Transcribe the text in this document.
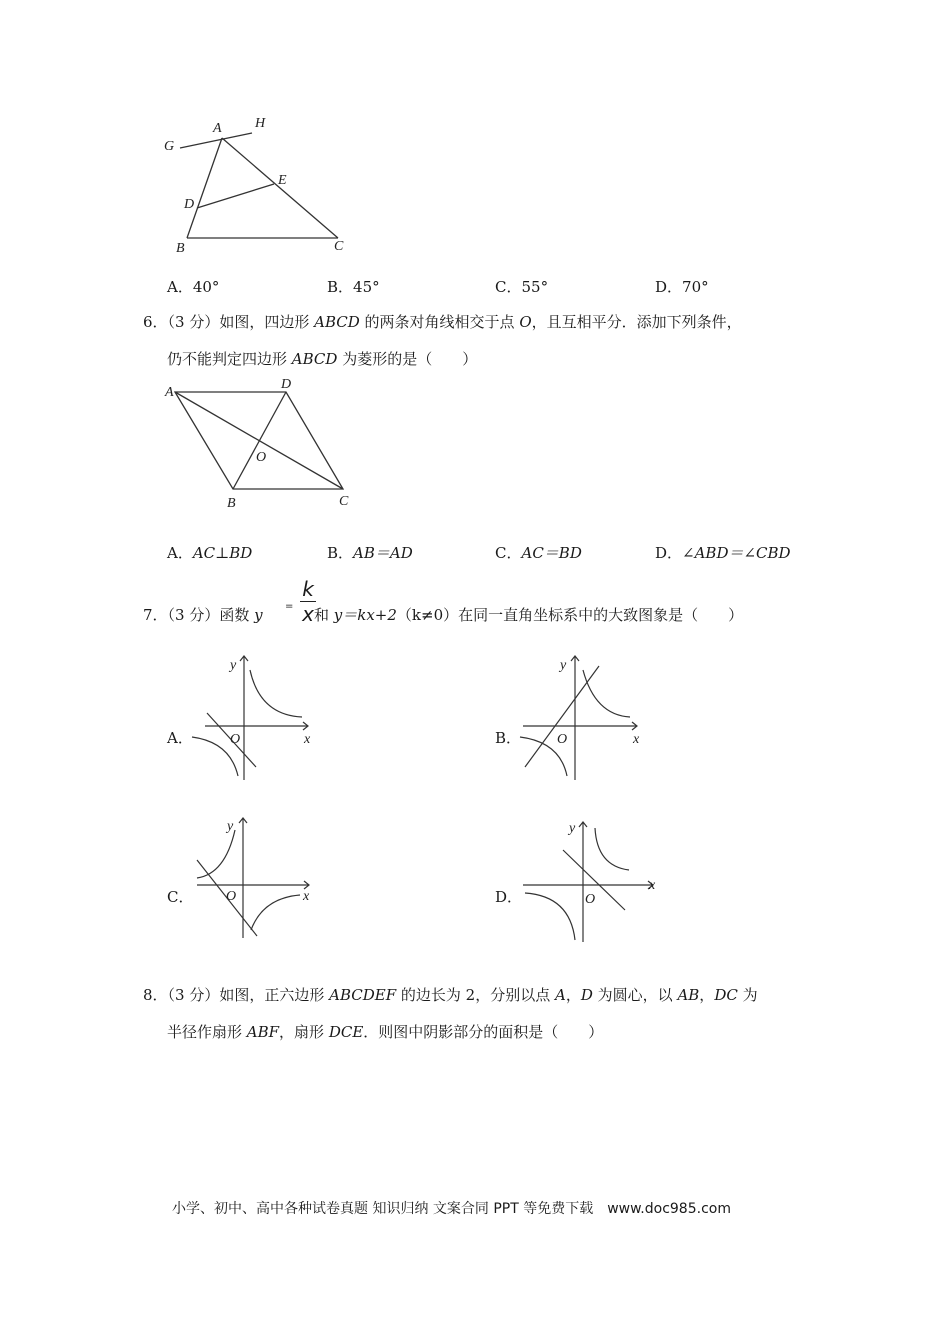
G
A H
E
D
B	C
A．40°	B．45°	C．55°	D．70°
6．（3 分）如图，四边形 ABCD 的两条对角线相交于点 O，且互相平分．添加下列条件，
仍不能判定四边形 ABCD 为菱形的是（　　）
A
D
O
B	C
A．AC⊥BD	B．AB＝AD	C．AC＝BD	D．∠ABD＝∠CBD
7．（3 分）函数 y =
k
x 和 y＝kx+2（k≠0）在同一直角坐标系中的大致图象是（　　）
A．
y
x
O	B．
y
x
O
C．
y
x
O	D．
y
x
O
8．（3 分）如图，正六边形 ABCDEF 的边长为 2，分别以点 A，D 为圆心，以 AB，DC 为
半径作扇形 ABF，扇形 DCE．则图中阴影部分的面积是（　　）
小学、初中、高中各种试卷真题 知识归纳 文案合同 PPT 等免费下载　www.doc985.com
